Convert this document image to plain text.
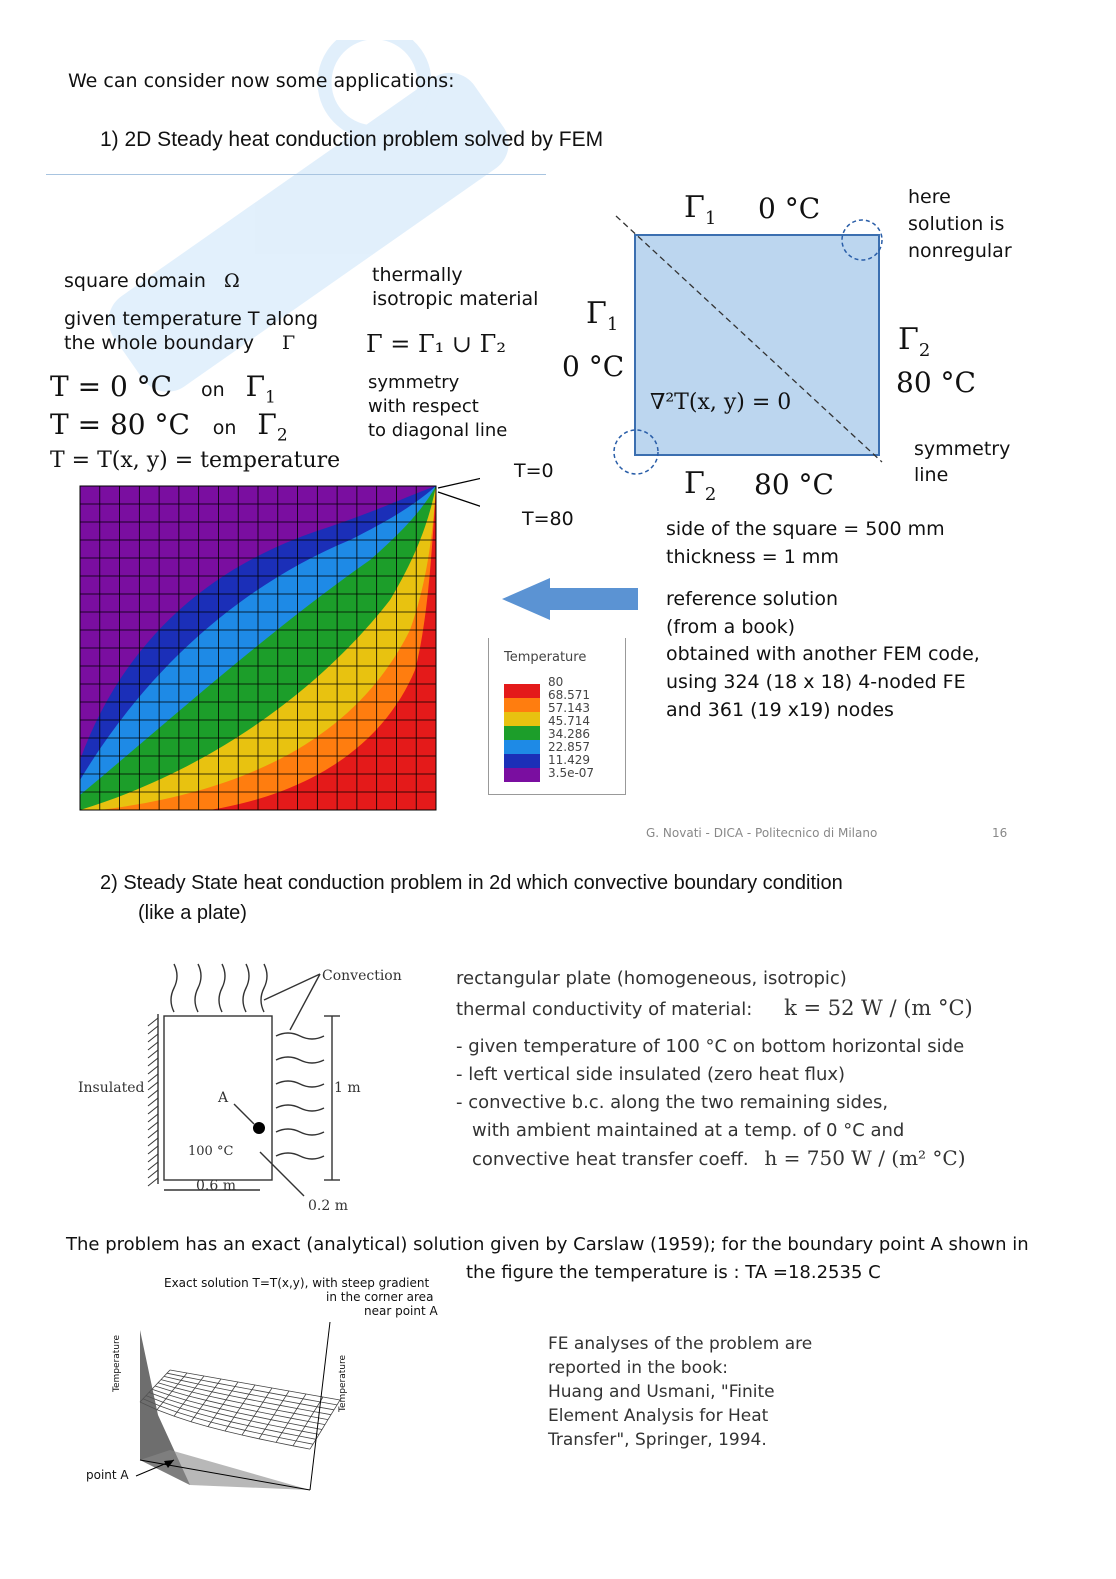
We can consider now some applications:
1) 2D Steady heat conduction problem solved by FEM
square domain Ω
given temperature T along
the whole boundary Γ
T = 0 °C on $\Gamma_1$
T = 80 °C on $\Gamma_2$
T = T(x, y) = temperature
thermally
isotropic material
Γ = Γ₁ ∪ Γ₂
symmetry
with respect
to diagonal line
$\Gamma_1$ 0 °C
$\Gamma_1$
0 °C
$\Gamma_2$
80 °C
$\Gamma_2$ 80 °C
∇²T(x, y) = 0
here
solution is
nonregular
symmetry
line
T=0
T=80
Temperature
80
68.571
57.143
45.714
34.286
22.857
11.429
3.5e-07
side of the square = 500 mm
thickness = 1 mm
reference solution
(from a book)
obtained with another FEM code,
using 324 (18 x 18) 4-noded FE
and 361 (19 x19) nodes
G. Novati - DICA - Politecnico di Milano	16
2) Steady State heat conduction problem in 2d which convective boundary condition
(like a plate)
Convection
Insulated
A
1 m
100 °C
0.6 m
0.2 m
rectangular plate (homogeneous, isotropic)
thermal conductivity of material: k = 52 W / (m °C)
- given temperature of 100 °C on bottom horizontal side
- left vertical side insulated (zero heat flux)
- convective b.c. along the two remaining sides,
with ambient maintained at a temp. of 0 °C and
convective heat transfer coeff. h = 750 W / (m² °C)
The problem has an exact (analytical) solution given by Carslaw (1959); for the boundary point A shown in
the figure the temperature is : TA =18.2535 C
Exact solution T=T(x,y), with steep gradient
in the corner area
near point A
Temperature	Temperature
point A
FE analyses of the problem are
reported in the book:
Huang and Usmani, "Finite
Element Analysis for Heat
Transfer", Springer, 1994.
